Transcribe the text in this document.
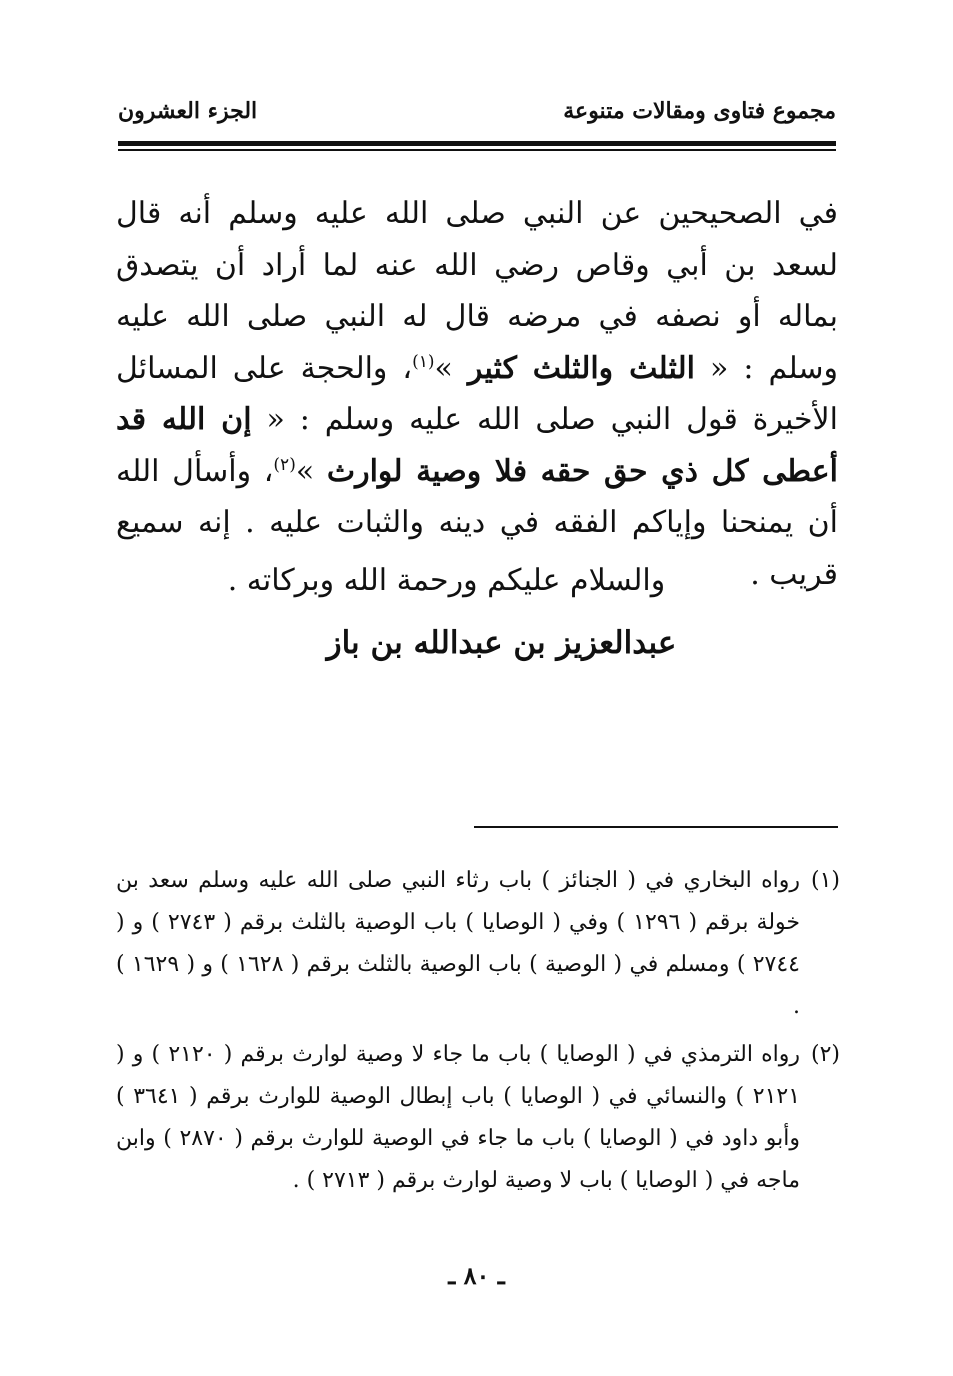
مجموع فتاوى ومقالات متنوعة
الجزء العشرون

في الصحيحين عن النبي صلى الله عليه وسلم أنه قال لسعد بن أبي وقاص رضي الله عنه لما أراد أن يتصدق بماله أو نصفه في مرضه قال له النبي صلى الله عليه وسلم : « الثلث والثلث كثير »$^{(١)}$، والحجة على المسائل الأخيرة قول النبي صلى الله عليه وسلم : « إن الله قد أعطى كل ذي حق حقه فلا وصية لوارث »$^{(٢)}$، وأسأل الله أن يمنحنا وإياكم الفقه في دينه والثبات عليه . إنه سميع قريب .

والسلام عليكم ورحمة الله وبركاته .
عبدالعزيز بن عبدالله بن باز
(١)
رواه البخاري في ( الجنائز ) باب رثاء النبي صلى الله عليه وسلم سعد بن خولة برقم ( ١٢٩٦ ) وفي ( الوصايا ) باب الوصية بالثلث برقم ( ٢٧٤٣ ) و ( ٢٧٤٤ ) ومسلم في ( الوصية ) باب الوصية بالثلث برقم ( ١٦٢٨ ) و ( ١٦٢٩ ) .
(٢)
رواه الترمذي في ( الوصايا ) باب ما جاء لا وصية لوارث برقم ( ٢١٢٠ ) و ( ٢١٢١ ) والنسائي في ( الوصايا ) باب إبطال الوصية للوارث برقم ( ٣٦٤١ ) وأبو داود في ( الوصايا ) باب ما جاء في الوصية للوارث برقم ( ٢٨٧٠ ) وابن ماجه في ( الوصايا ) باب لا وصية لوارث برقم ( ٢٧١٣ ) .
ـ ٨٠ ـ
